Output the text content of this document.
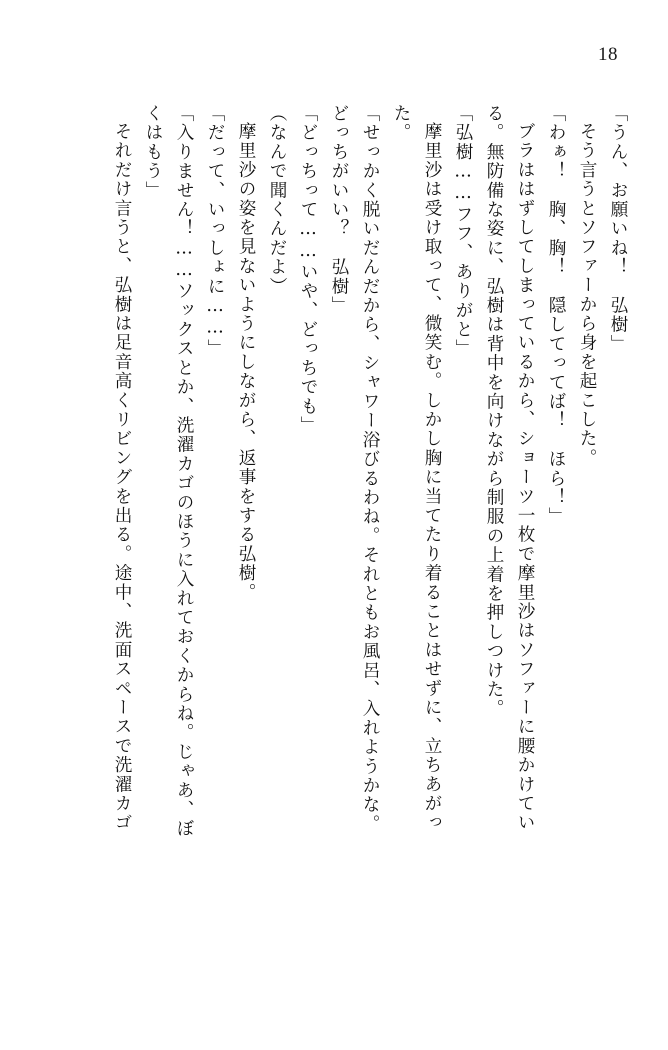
18
「うん、お願いね！　弘樹」
そう言うとソファーから身を起こした。
「わぁ！　胸、胸！　隠してってば！　ほら！」
ブラははずしてしまっているから、ショーツ一枚で摩里沙はソファーに腰かけてい
る。無防備な姿に、弘樹は背中を向けながら制服の上着を押しつけた。
「弘樹……フフ、ありがと」
摩里沙は受け取って、微笑む。しかし胸に当てたり着ることはせずに、立ちあがっ
た。
「せっかく脱いだんだから、シャワー浴びるわね。それともお風呂、入れようかな。
どっちがいい？　弘樹」
「どっちって……いや、どっちでも」
（なんで聞くんだよ）
摩里沙の姿を見ないようにしながら、返事をする弘樹。
「だって、いっしょに……」
「入りません！……ソックスとか、洗濯カゴのほうに入れておくからね。じゃあ、ぼ
くはもう」
それだけ言うと、弘樹は足音高くリビングを出る。途中、洗面スペースで洗濯カゴ
